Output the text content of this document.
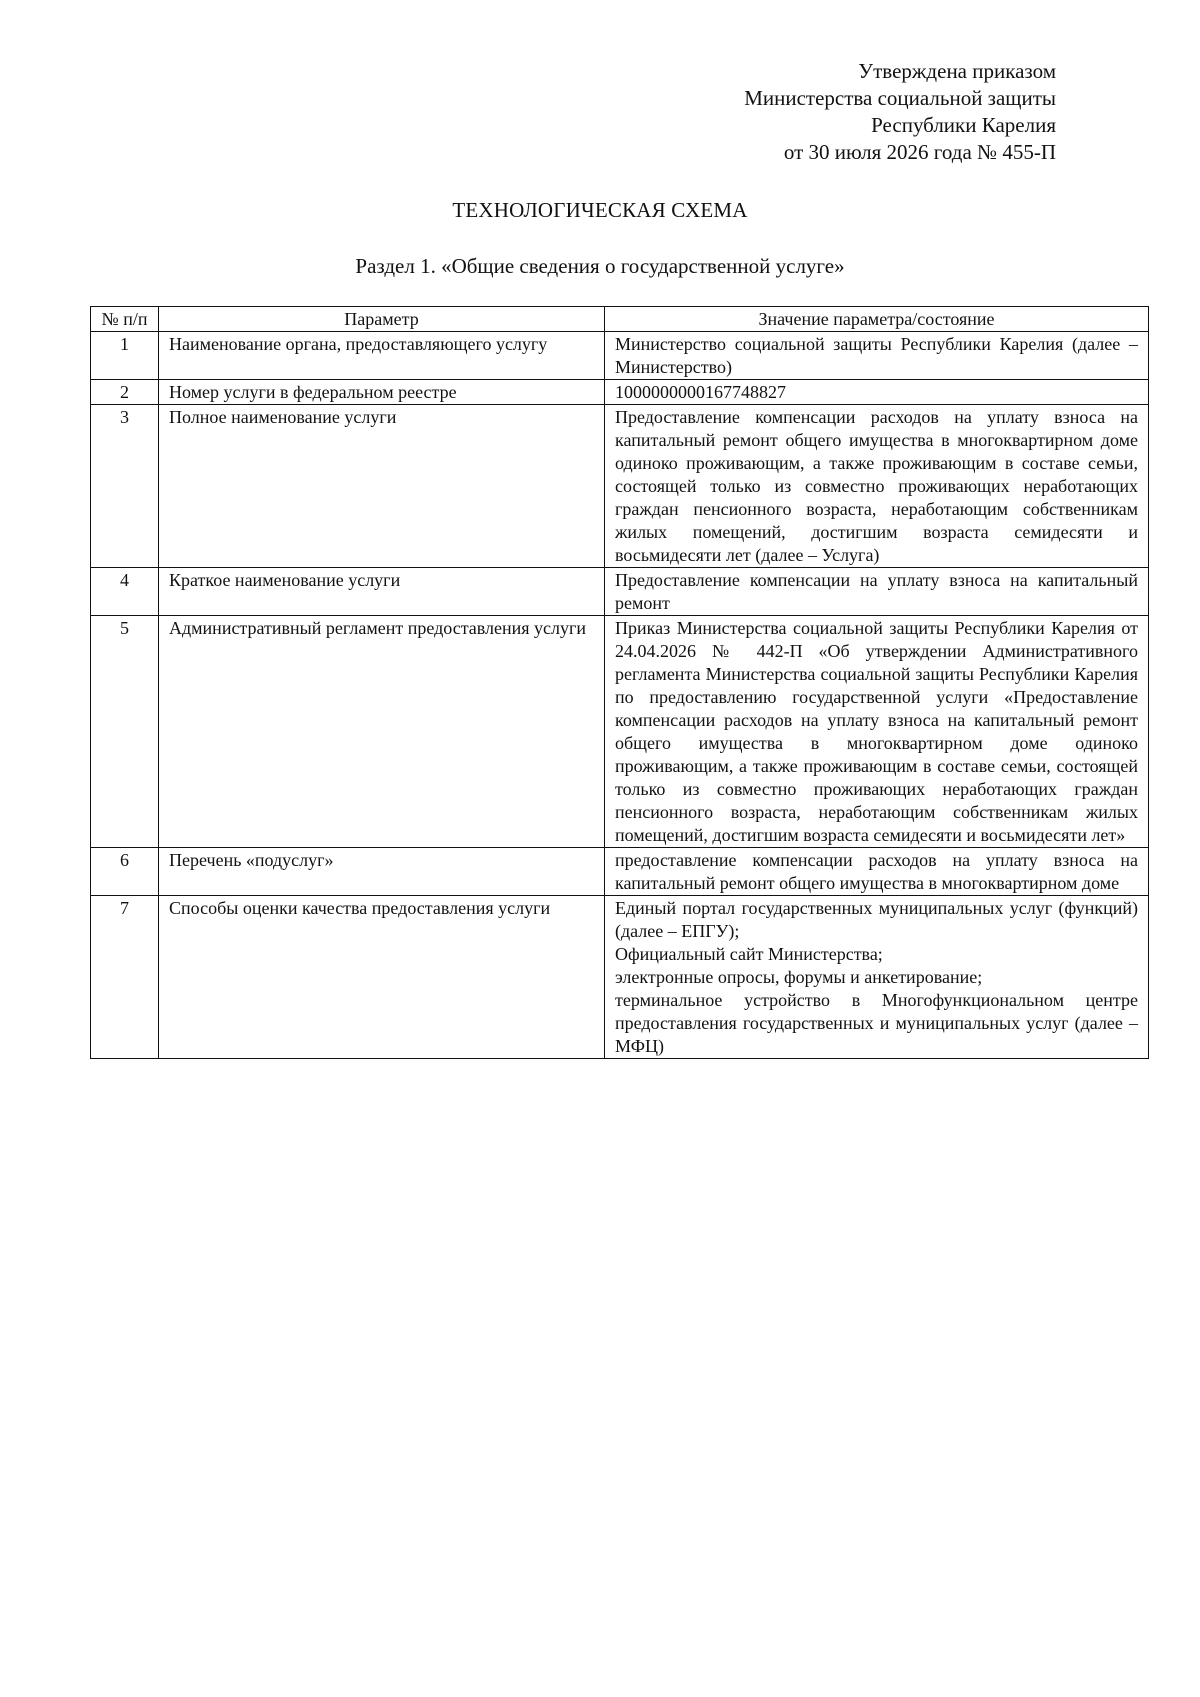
Утверждена приказом
Министерства социальной защиты
Республики Карелия
от 30 июля 2026 года № 455-П
ТЕХНОЛОГИЧЕСКАЯ СХЕМА
Раздел 1. «Общие сведения о государственной услуге»
№ п/п	Параметр	Значение параметра/состояние
1	Наименование органа, предоставляющего услугу	Министерство социальной защиты Республики Карелия (далее – Министерство)

2	Номер услуги в федеральном реестре	1000000000167748827

3	Полное наименование услуги	Предоставление компенсации расходов на уплату взноса на капитальный ремонт общего имущества в многоквартирном доме одиноко проживающим, а также проживающим в составе семьи, состоящей только из совместно проживающих неработающих граждан пенсионного возраста, неработающим собственникам жилых помещений, достигшим возраста семидесяти и восьмидесяти лет (далее – Услуга)

4	Краткое наименование услуги	Предоставление компенсации на уплату взноса на капитальный ремонт

5	Административный регламент предоставления услуги	Приказ Министерства социальной защиты Республики Карелия от 24.04.2026 № 442-П «Об утверждении Административного регламента Министерства социальной защиты Республики Карелия по предоставлению государственной услуги «Предоставление компенсации расходов на уплату взноса на капитальный ремонт общего имущества в многоквартирном доме одиноко проживающим, а также проживающим в составе семьи, состоящей только из совместно проживающих неработающих граждан пенсионного возраста, неработающим собственникам жилых помещений, достигшим возраста семидесяти и восьмидесяти лет»

6	Перечень «подуслуг»	предоставление компенсации расходов на уплату взноса на капитальный ремонт общего имущества в многоквартирном доме

7	Способы оценки качества предоставления услуги	Единый портал государственных муниципальных услуг (функций) (далее – ЕПГУ);
Официальный сайт Министерства;
электронные опросы, форумы и анкетирование;
терминальное устройство в Многофункциональном центре предоставления государственных и муниципальных услуг (далее – МФЦ)
